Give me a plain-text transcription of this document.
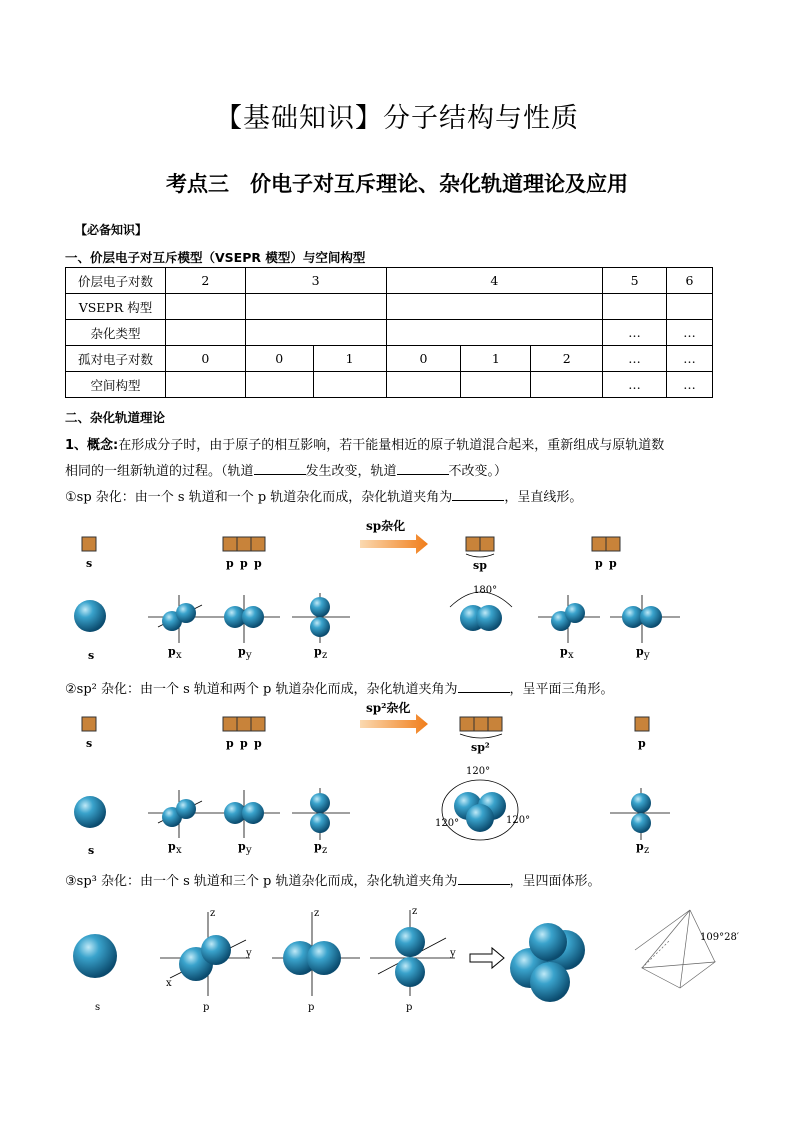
【基础知识】分子结构与性质
考点三　价电子对互斥理论、杂化轨道理论及应用
【必备知识】
一、价层电子对互斥模型（VSEPR 模型）与空间构型
价层电子对数	2	3		4			5	6
VSEPR 构型								
杂化类型							…	…
孤对电子对数	0	0	1	0	1	2	…	…
空间构型							…	…
二、杂化轨道理论
1、概念:在形成分子时，由于原子的相互影响，若干能量相近的原子轨道混合起来，重新组成与原轨道数
相同的一组新轨道的过程。（轨道	发生改变，轨道	不改变。）
①sp 杂化：由一个 s 轨道和一个 p 轨道杂化而成，杂化轨道夹角为	，呈直线形。
s	p p p
sp杂化
sp	p p
s	p x	p y	p z
180°
p x	p y
②sp² 杂化：由一个 s 轨道和两个 p 轨道杂化而成，杂化轨道夹角为	，呈平面三角形。
s	p p p
sp²杂化
sp²	p
s	p x	p y	p z
120°
120°	120°
p z
③sp³ 杂化：由一个 s 轨道和三个 p 轨道杂化而成，杂化轨道夹角为	，呈四面体形。
s
z
y
x
p
z
p
z
y
p
109°28′
